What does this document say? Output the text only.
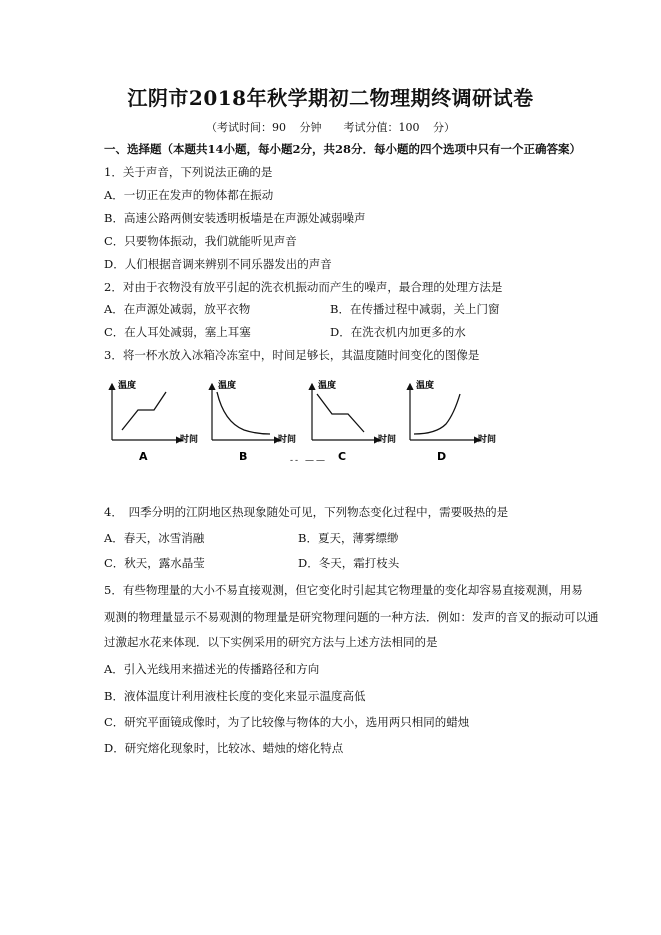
江阴市2018年秋学期初二物理期终调研试卷
（考试时间：90 分钟　　考试分值：100 分）
一、选择题（本题共14小题，每小题2分，共28分．每小题的四个选项中只有一个正确答案）
1．关于声音，下列说法正确的是
A．一切正在发声的物体都在振动
B．高速公路两侧安装透明板墙是在声源处减弱噪声
C．只要物体振动，我们就能听见声音
D．人们根据音调来辨别不同乐器发出的声音
2．对由于衣物没有放平引起的洗衣机振动而产生的噪声，最合理的处理方法是
A．在声源处减弱，放平衣物	B．在传播过程中减弱，关上门窗
C．在人耳处减弱，塞上耳塞	D．在洗衣机内加更多的水
3．将一杯水放入冰箱冷冻室中，时间足够长，其温度随时间变化的图像是
温度
时间
A
温度
时间
B
温度
时间
C
温度
时间
D
-- ——
4．　四季分明的江阴地区热现象随处可见，下列物态变化过程中，需要吸热的是
A．春天，冰雪消融	B．夏天，薄雾缥缈
C．秋天，露水晶莹	D．冬天，霜打枝头
5．有些物理量的大小不易直接观测，但它变化时引起其它物理量的变化却容易直接观测，用易
观测的物理量显示不易观测的物理量是研究物理问题的一种方法．例如：发声的音叉的振动可以通
过激起水花来体现．以下实例采用的研究方法与上述方法相同的是
A．引入光线用来描述光的传播路径和方向
B．液体温度计利用液柱长度的变化来显示温度高低
C．研究平面镜成像时，为了比较像与物体的大小，选用两只相同的蜡烛
D．研究熔化现象时，比较冰、蜡烛的熔化特点
